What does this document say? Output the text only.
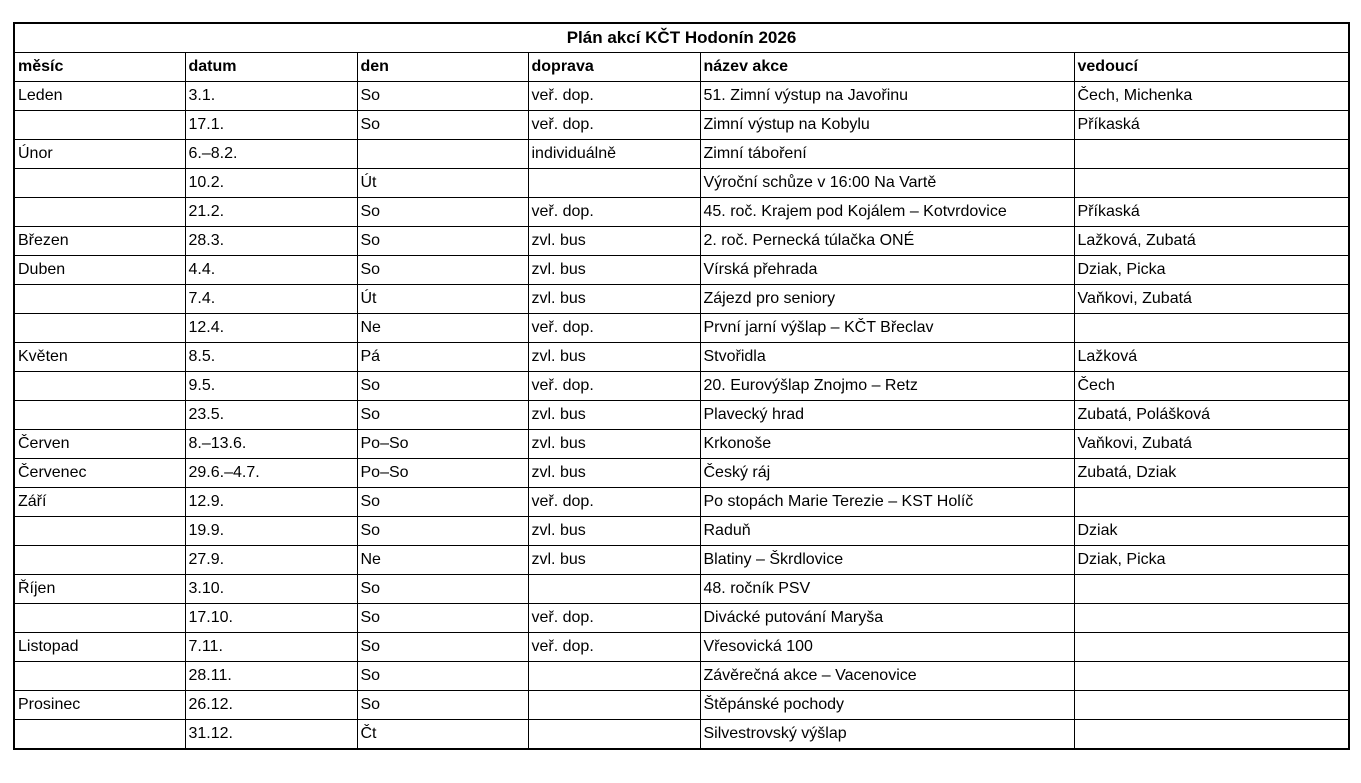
Plán akcí KČT Hodonín 2026					
měsíc	datum	den	doprava	název akce	vedoucí
Leden	3.1.	So	veř. dop.	51. Zimní výstup na Javořinu	Čech, Michenka
	17.1.	So	veř. dop.	Zimní výstup na Kobylu	Příkaská
Únor	6.–8.2.		individuálně	Zimní táboření	
	10.2.	Út		Výroční schůze v 16:00 Na Vartě	
	21.2.	So	veř. dop.	45. roč. Krajem pod Kojálem – Kotvrdovice	Příkaská
Březen	28.3.	So	zvl. bus	2. roč. Pernecká túlačka ONÉ	Lažková, Zubatá
Duben	4.4.	So	zvl. bus	Vírská přehrada	Dziak, Picka
	7.4.	Út	zvl. bus	Zájezd pro seniory	Vaňkovi, Zubatá
	12.4.	Ne	veř. dop.	První jarní výšlap – KČT Břeclav	
Květen	8.5.	Pá	zvl. bus	Stvořidla	Lažková
	9.5.	So	veř. dop.	20. Eurovýšlap Znojmo – Retz	Čech
	23.5.	So	zvl. bus	Plavecký hrad	Zubatá, Polášková
Červen	8.–13.6.	Po–So	zvl. bus	Krkonoše	Vaňkovi, Zubatá
Červenec	29.6.–4.7.	Po–So	zvl. bus	Český ráj	Zubatá, Dziak
Září	12.9.	So	veř. dop.	Po stopách Marie Terezie – KST Holíč	
	19.9.	So	zvl. bus	Raduň	Dziak
	27.9.	Ne	zvl. bus	Blatiny – Škrdlovice	Dziak, Picka
Říjen	3.10.	So		48. ročník PSV	
	17.10.	So	veř. dop.	Divácké putování Maryša	
Listopad	7.11.	So	veř. dop.	Vřesovická 100	
	28.11.	So		Závěrečná akce – Vacenovice	
Prosinec	26.12.	So		Štěpánské pochody	
	31.12.	Čt		Silvestrovský výšlap	
